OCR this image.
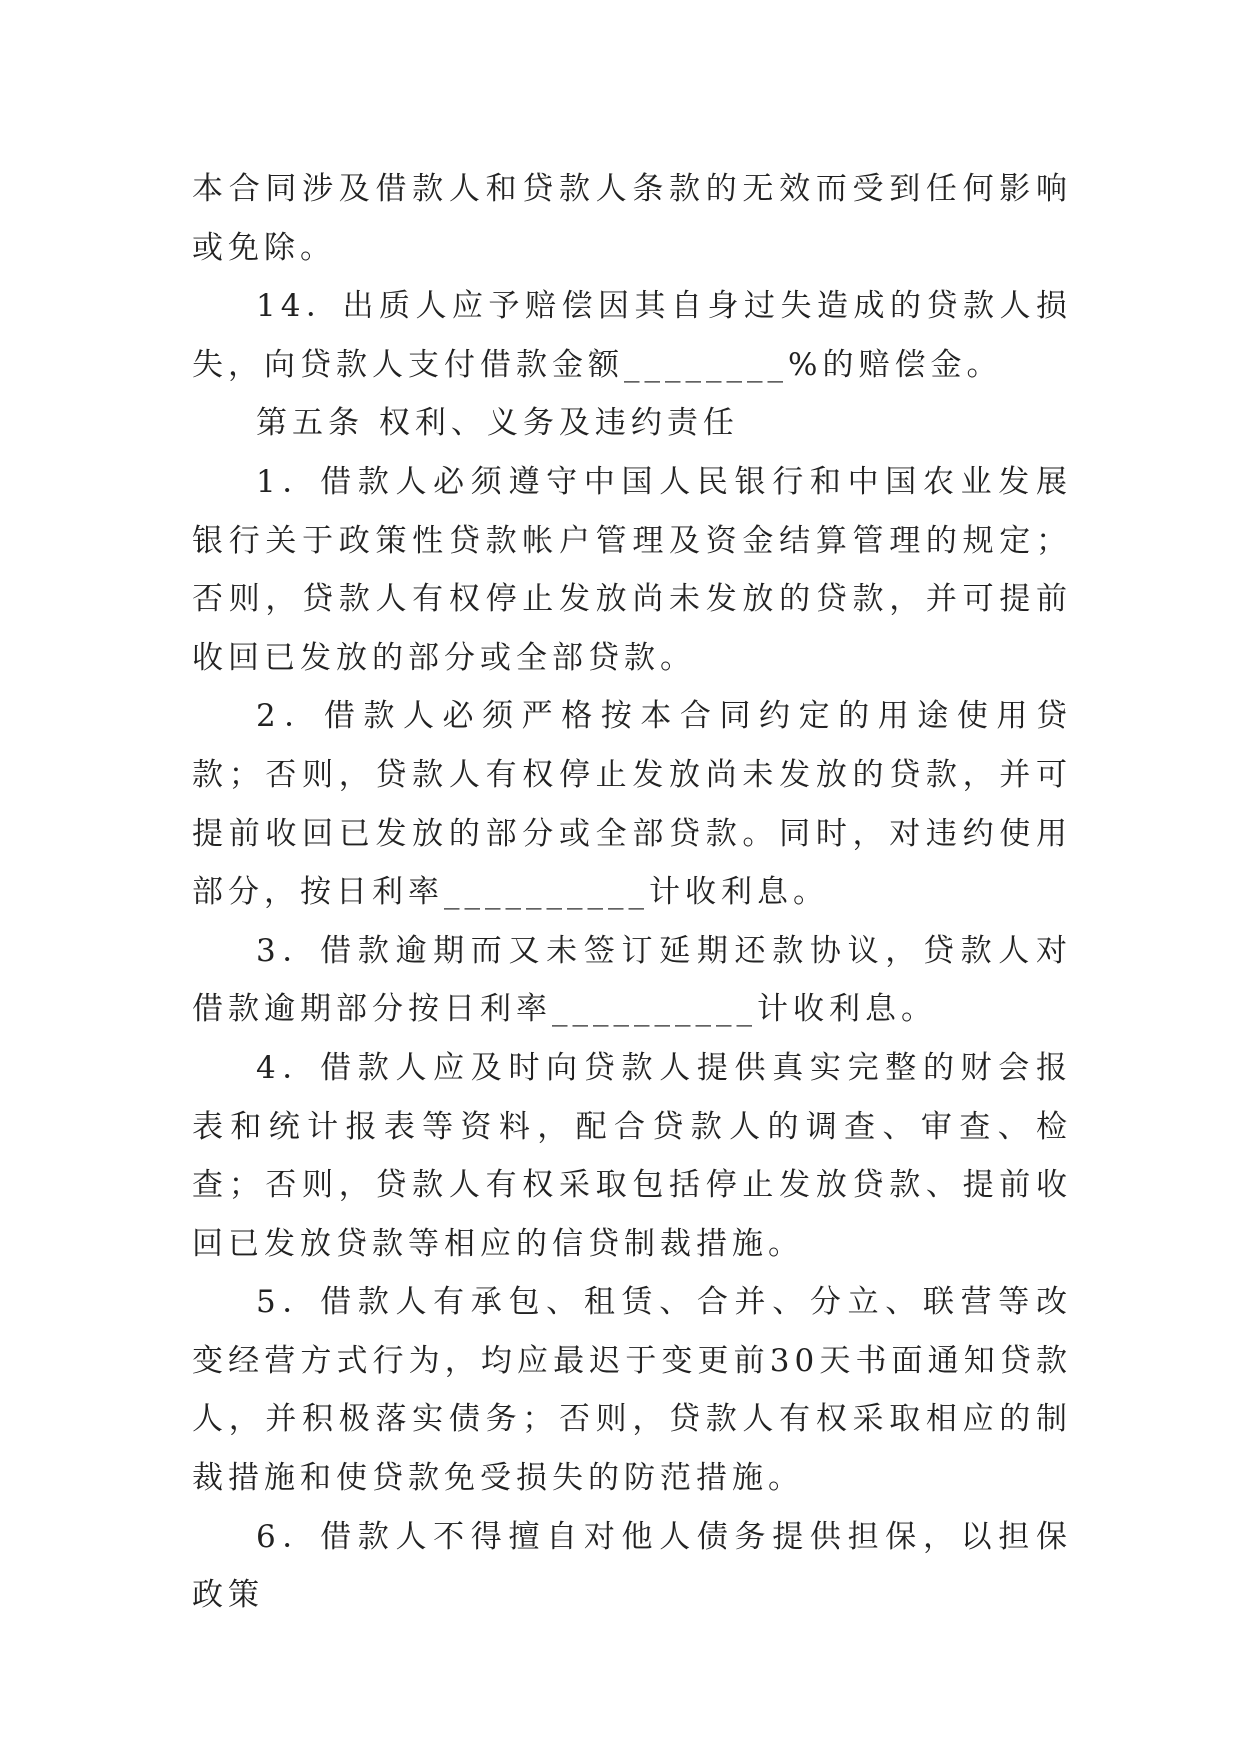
本合同涉及借款人和贷款人条款的无效而受到任何影响或免除。

14．出质人应予赔偿因其自身过失造成的贷款人损失，向贷款人支付借款金额________%的赔偿金。

第五条 权利、义务及违约责任

1．借款人必须遵守中国人民银行和中国农业发展银行关于政策性贷款帐户管理及资金结算管理的规定；否则，贷款人有权停止发放尚未发放的贷款，并可提前收回已发放的部分或全部贷款。

2．借款人必须严格按本合同约定的用途使用贷款；否则，贷款人有权停止发放尚未发放的贷款，并可提前收回已发放的部分或全部贷款。同时，对违约使用部分，按日利率__________计收利息。

3．借款逾期而又未签订延期还款协议，贷款人对借款逾期部分按日利率__________计收利息。

4．借款人应及时向贷款人提供真实完整的财会报表和统计报表等资料，配合贷款人的调查、审查、检查；否则，贷款人有权采取包括停止发放贷款、提前收回已发放贷款等相应的信贷制裁措施。

5．借款人有承包、租赁、合并、分立、联营等改变经营方式行为，均应最迟于变更前30天书面通知贷款人，并积极落实债务；否则，贷款人有权采取相应的制裁措施和使贷款免受损失的防范措施。

6．借款人不得擅自对他人债务提供担保，以担保政策
